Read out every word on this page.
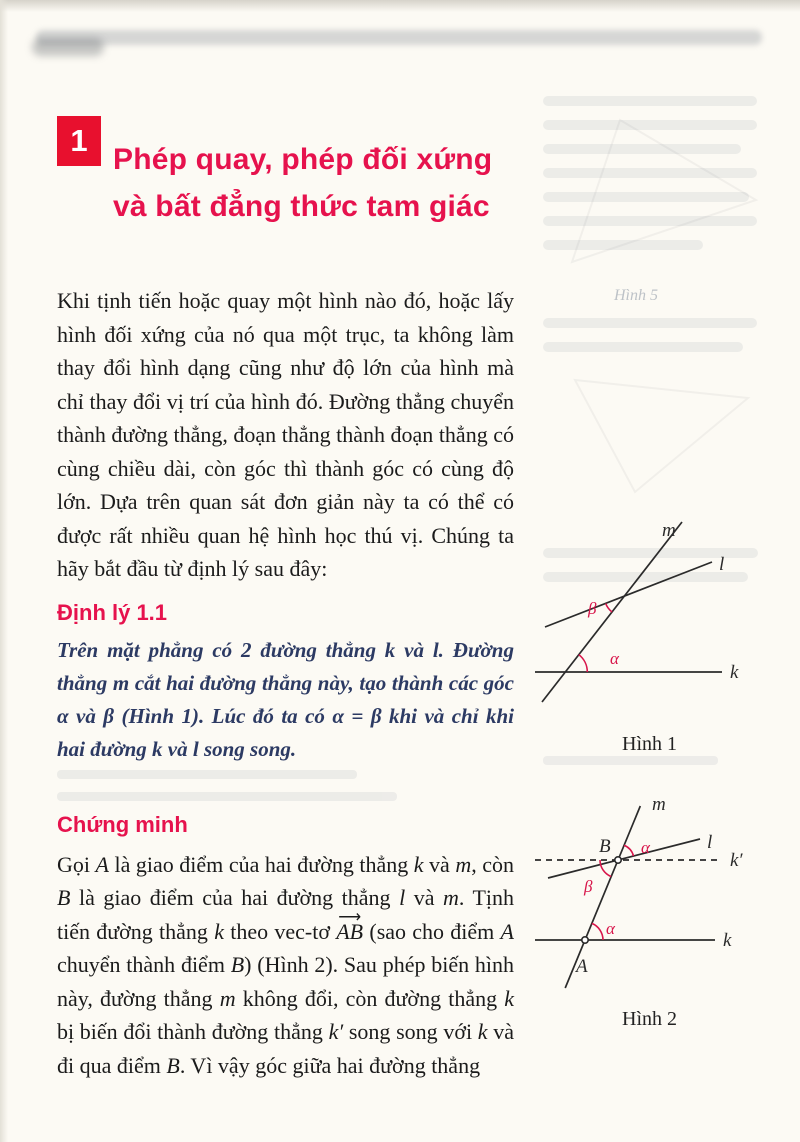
Hình 5
1
Phép quay, phép đối xứng
và bất đẳng thức tam giác

Khi tịnh tiến hoặc quay một hình nào đó, hoặc lấy hình đối xứng của nó qua một trục, ta không làm thay đổi hình dạng cũng như độ lớn của hình mà chỉ thay đổi vị trí của hình đó. Đường thẳng chuyển thành đường thẳng, đoạn thẳng thành đoạn thẳng có cùng chiều dài, còn góc thì thành góc có cùng độ lớn. Dựa trên quan sát đơn giản này ta có thể có được rất nhiều quan hệ hình học thú vị. Chúng ta hãy bắt đầu từ định lý sau đây:

Định lý 1.1

Trên mặt phẳng có 2 đường thẳng k và l. Đường thẳng m cắt hai đường thẳng này, tạo thành các góc α và β (Hình 1). Lúc đó ta có α = β khi và chỉ khi hai đường k và l song song.

Chứng minh

Gọi A là giao điểm của hai đường thẳng k và m, còn B là giao điểm của hai đường thẳng l và m. Tịnh tiến đường thẳng k theo vec-tơ ⟶ AB (sao cho điểm A chuyển thành điểm B) (Hình 2). Sau phép biến hình này, đường thẳng m không đổi, còn đường thẳng k bị biến đổi thành đường thẳng k′ song song với k và đi qua điểm B. Vì vậy góc giữa hai đường thẳng

α
β
k
l
m
Hình 1
α
α
β
k
k′
l
m
A
B
Hình 2
